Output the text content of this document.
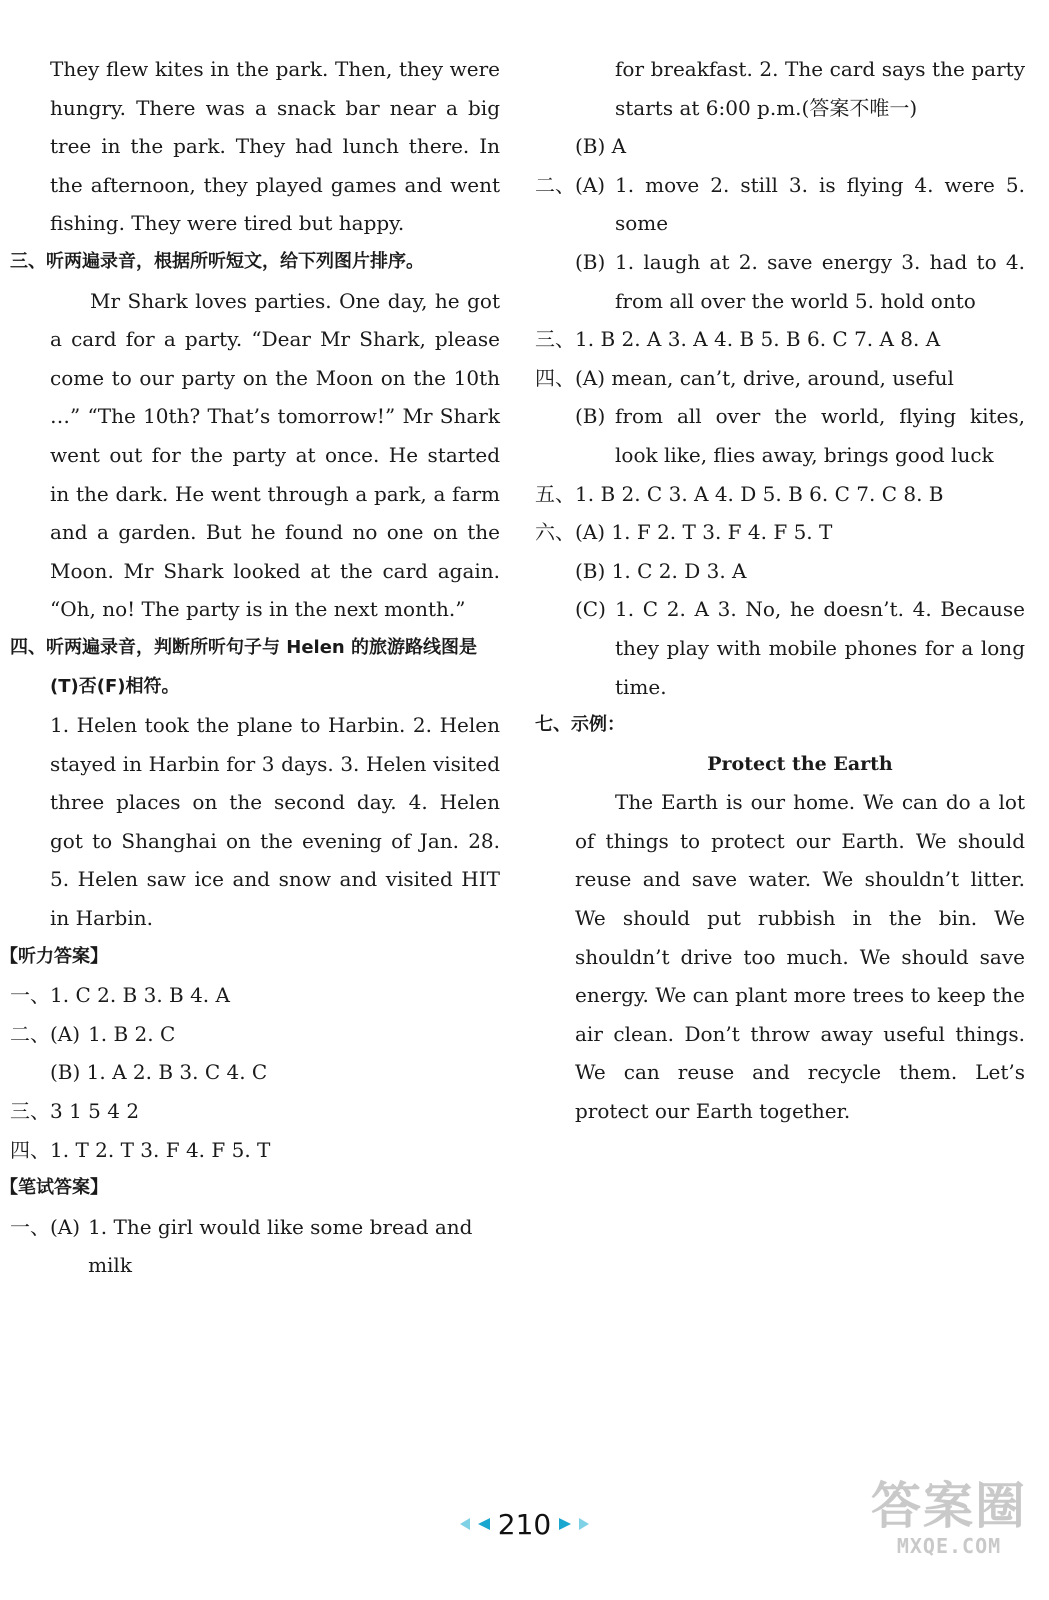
They flew kites in the park. Then, they were hungry. There was a snack bar near a big tree in the park. They had lunch there. In the afternoon, they played games and went fishing. They were tired but happy.

三、听两遍录音，根据所听短文，给下列图片排序。

Mr Shark loves parties. One day, he got a card for a party. “Dear Mr Shark, please come to our party on the Moon on the 10th …” “The 10th? That’s tomorrow!” Mr Shark went out for the party at once. He started in the dark. He went through a park, a farm and a garden. But he found no one on the Moon. Mr Shark looked at the card again. “Oh, no! The party is in the next month.”

四、听两遍录音，判断所听句子与 Helen 的旅游路线图是(T)否(F)相符。

1. Helen took the plane to Harbin. 2. Helen stayed in Harbin for 3 days. 3. Helen visited three places on the second day. 4. Helen got to Shanghai on the evening of Jan. 28. 5. Helen saw ice and snow and visited HIT in Harbin.

【听力答案】

一、1. C 2. B 3. B 4. A

二、(A) 1. B 2. C

(B) 1. A 2. B 3. C 4. C

三、3 1 5 4 2

四、1. T 2. T 3. F 4. F 5. T

【笔试答案】

一、(A) 1. The girl would like some bread and milk

for breakfast. 2. The card says the party starts at 6:00 p.m.(答案不唯一)

(B) A

二、(A) 1. move 2. still 3. is flying 4. were 5. some
(B) 1. laugh at 2. save energy 3. had to 4. from all over the world 5. hold onto
三、 1. B 2. A 3. A 4. B 5. B 6. C 7. A 8. A

四、(A) mean, can’t, drive, around, useful

(B) from all over the world, flying kites, look like, flies away, brings good luck
五、 1. B 2. C 3. A 4. D 5. B 6. C 7. C 8. B

六、(A) 1. F 2. T 3. F 4. F 5. T

(B) 1. C 2. D 3. A

(C) 1. C 2. A 3. No, he doesn’t. 4. Because they play with mobile phones for a long time.

七、示例：

Protect the Earth

The Earth is our home. We can do a lot of things to protect our Earth. We should reuse and save water. We shouldn’t litter. We should put rubbish in the bin. We shouldn’t drive too much. We should save energy. We can plant more trees to keep the air clean. Don’t throw away useful things. We can reuse and recycle them. Let’s protect our Earth together.

210	答案圈
MXQE.COM
